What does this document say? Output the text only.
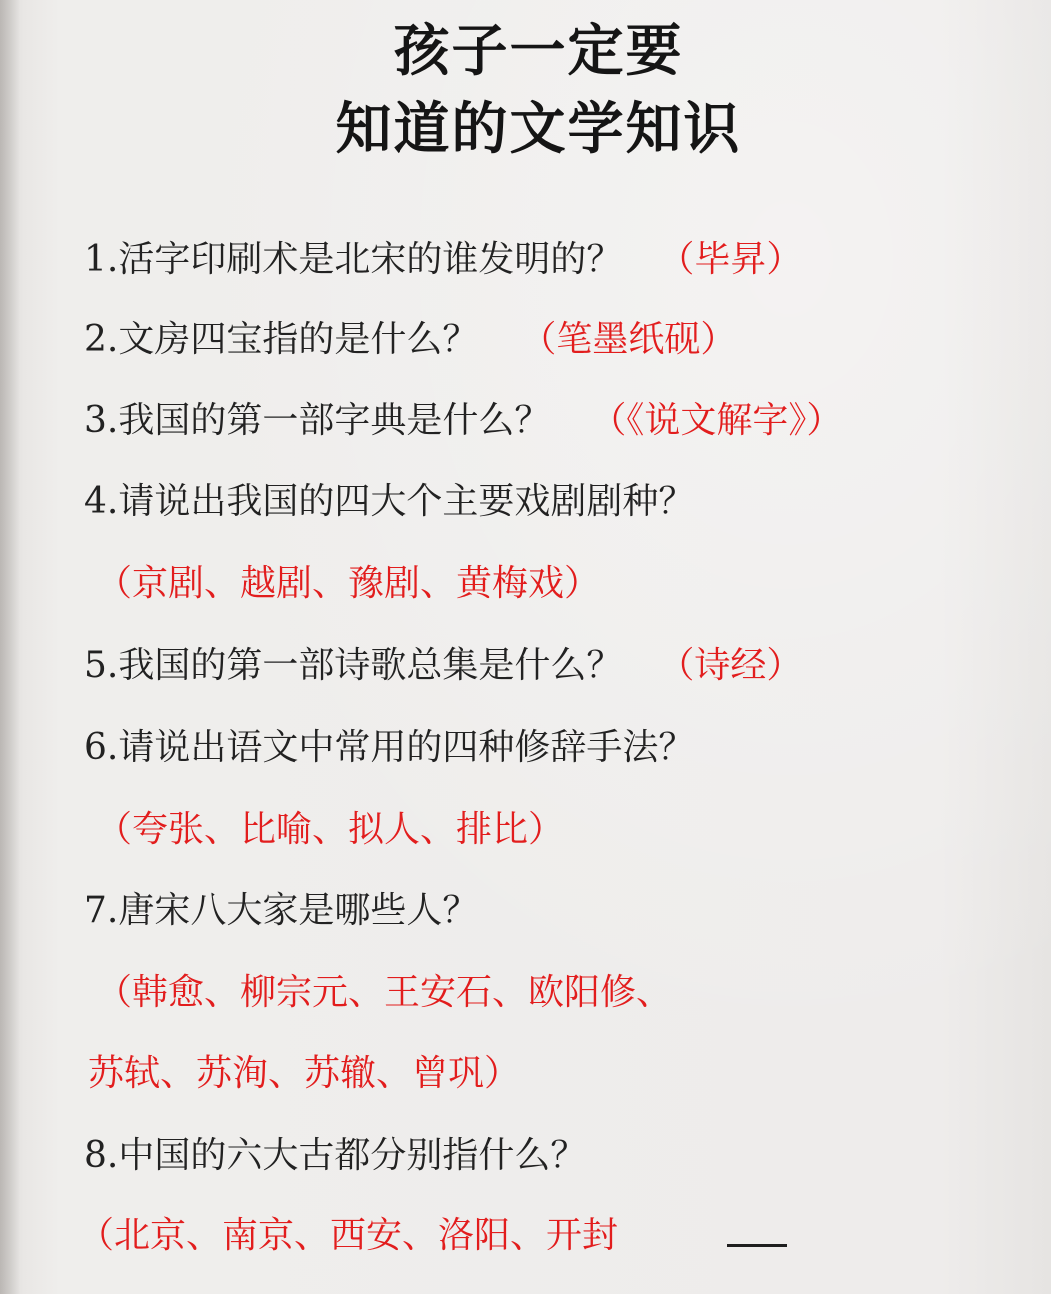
孩子一定要
知道的文学知识
1.活字印刷术是北宋的谁发明的？ （毕昇）
2.文房四宝指的是什么？ （笔墨纸砚）
3.我国的第一部字典是什么？ （《说文解字》）
4.请说出我国的四大个主要戏剧剧种？
（京剧、越剧、豫剧、黄梅戏）
5.我国的第一部诗歌总集是什么？ （诗经）
6.请说出语文中常用的四种修辞手法？
（夸张、比喻、拟人、排比）
7.唐宋八大家是哪些人？
（韩愈、柳宗元、王安石、欧阳修、
苏轼、苏洵、苏辙、曾巩）
8.中国的六大古都分别指什么？
（北京、南京、西安、洛阳、开封
